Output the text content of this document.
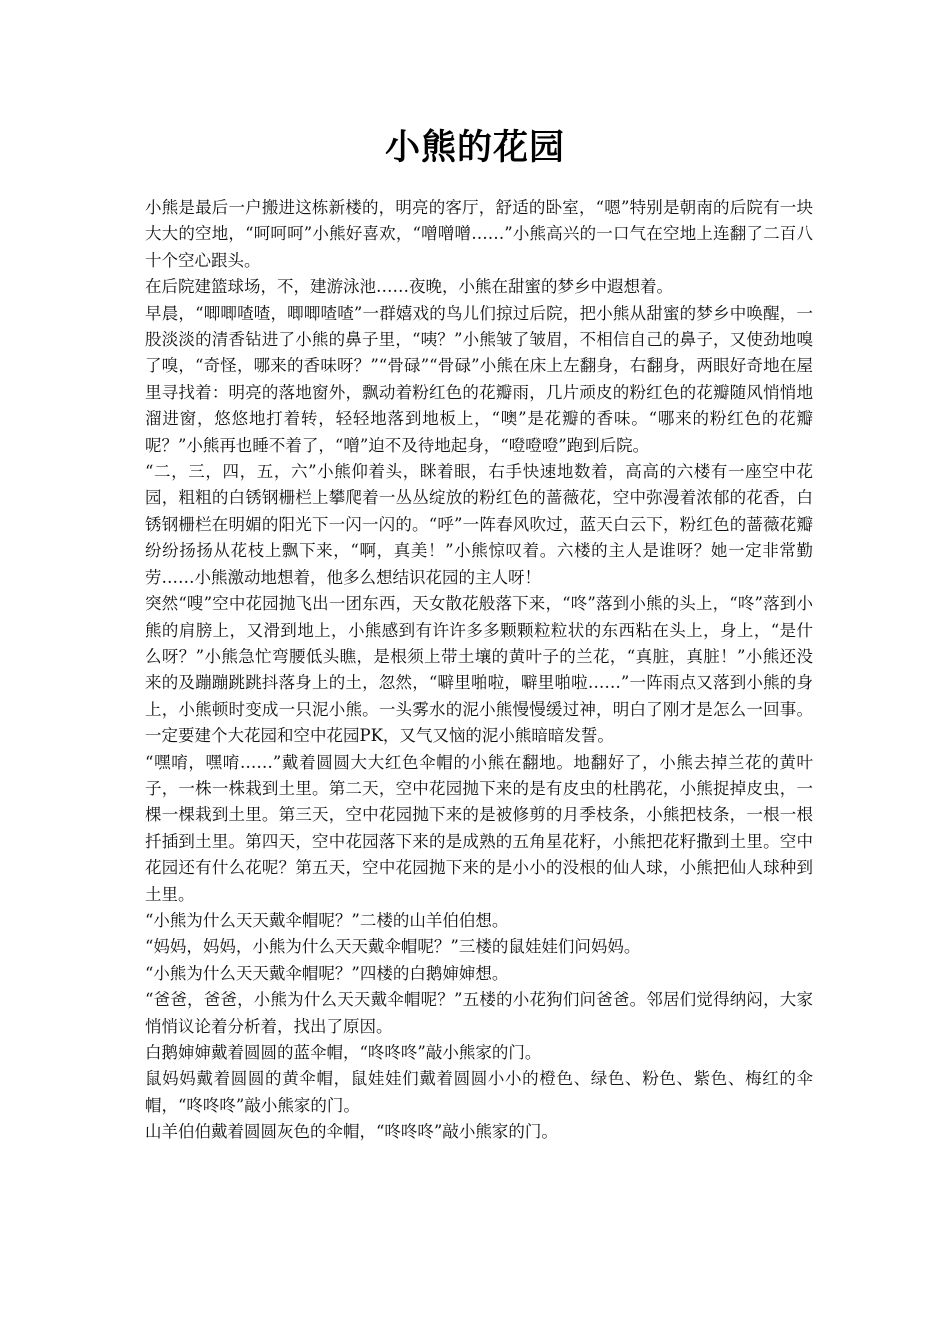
小熊的花园

小熊是最后一户搬进这栋新楼的，明亮的客厅，舒适的卧室，“嗯”特别是朝南的后院有一块大大的空地，“呵呵呵”小熊好喜欢，“噌噌噌……”小熊高兴的一口气在空地上连翻了二百八十个空心跟头。

在后院建篮球场，不，建游泳池……夜晚，小熊在甜蜜的梦乡中遐想着。

早晨，“唧唧喳喳，唧唧喳喳”一群嬉戏的鸟儿们掠过后院，把小熊从甜蜜的梦乡中唤醒，一股淡淡的清香钻进了小熊的鼻子里，“咦？”小熊皱了皱眉，不相信自己的鼻子，又使劲地嗅了嗅，“奇怪，哪来的香味呀？”“骨碌”“骨碌”小熊在床上左翻身，右翻身，两眼好奇地在屋里寻找着：明亮的落地窗外，飘动着粉红色的花瓣雨，几片顽皮的粉红色的花瓣随风悄悄地溜进窗，悠悠地打着转，轻轻地落到地板上，“噢”是花瓣的香味。“哪来的粉红色的花瓣呢？”小熊再也睡不着了，“噌”迫不及待地起身，“噔噔噔”跑到后院。

“二，三，四，五，六”小熊仰着头，眯着眼，右手快速地数着，高高的六楼有一座空中花园，粗粗的白锈钢栅栏上攀爬着一丛丛绽放的粉红色的蔷薇花，空中弥漫着浓郁的花香，白锈钢栅栏在明媚的阳光下一闪一闪的。“呼”一阵春风吹过，蓝天白云下，粉红色的蔷薇花瓣纷纷扬扬从花枝上飘下来，“啊，真美！”小熊惊叹着。六楼的主人是谁呀？她一定非常勤劳……小熊激动地想着，他多么想结识花园的主人呀！

突然“嗖”空中花园抛飞出一团东西，天女散花般落下来，“咚”落到小熊的头上，“咚”落到小熊的肩膀上，又滑到地上，小熊感到有许许多多颗颗粒粒状的东西粘在头上，身上，“是什么呀？”小熊急忙弯腰低头瞧，是根须上带土壤的黄叶子的兰花，“真脏，真脏！”小熊还没来的及蹦蹦跳跳抖落身上的土，忽然，“噼里啪啦，噼里啪啦……”一阵雨点又落到小熊的身上，小熊顿时变成一只泥小熊。一头雾水的泥小熊慢慢缓过神，明白了刚才是怎么一回事。一定要建个大花园和空中花园PK，又气又恼的泥小熊暗暗发誓。

“嘿唷，嘿唷……”戴着圆圆大大红色伞帽的小熊在翻地。地翻好了，小熊去掉兰花的黄叶子，一株一株栽到土里。第二天，空中花园抛下来的是有皮虫的杜鹃花，小熊捉掉皮虫，一棵一棵栽到土里。第三天，空中花园抛下来的是被修剪的月季枝条，小熊把枝条，一根一根扦插到土里。第四天，空中花园落下来的是成熟的五角星花籽，小熊把花籽撒到土里。空中花园还有什么花呢？第五天，空中花园抛下来的是小小的没根的仙人球，小熊把仙人球种到土里。

“小熊为什么天天戴伞帽呢？”二楼的山羊伯伯想。

“妈妈，妈妈，小熊为什么天天戴伞帽呢？”三楼的鼠娃娃们问妈妈。

“小熊为什么天天戴伞帽呢？”四楼的白鹅婶婶想。

“爸爸，爸爸，小熊为什么天天戴伞帽呢？”五楼的小花狗们问爸爸。邻居们觉得纳闷，大家悄悄议论着分析着，找出了原因。

白鹅婶婶戴着圆圆的蓝伞帽，“咚咚咚”敲小熊家的门。

鼠妈妈戴着圆圆的黄伞帽，鼠娃娃们戴着圆圆小小的橙色、绿色、粉色、紫色、梅红的伞帽，“咚咚咚”敲小熊家的门。

山羊伯伯戴着圆圆灰色的伞帽，“咚咚咚”敲小熊家的门。
